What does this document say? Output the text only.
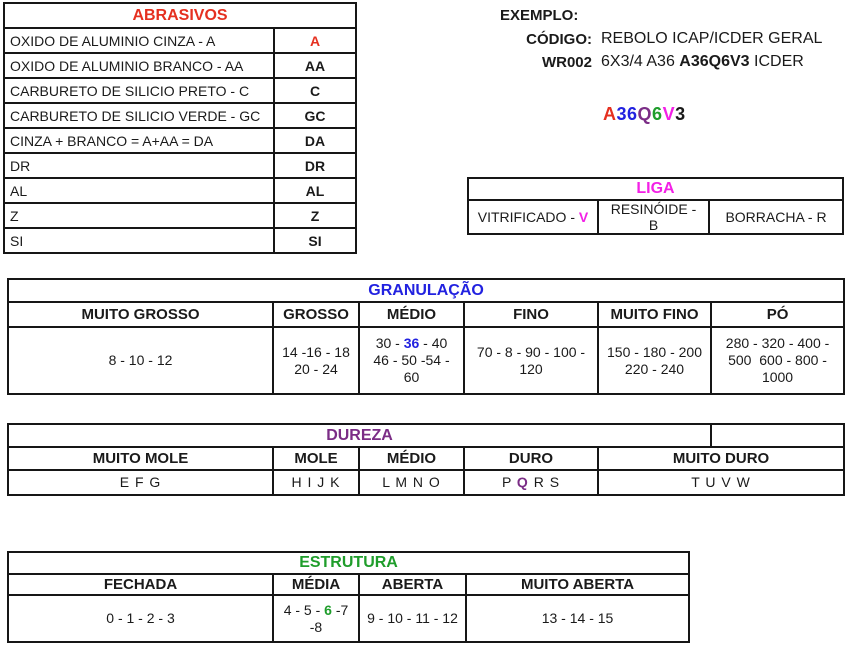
ABRASIVOS	
OXIDO DE ALUMINIO CINZA - A	A
OXIDO DE ALUMINIO BRANCO - AA	AA
CARBURETO DE SILICIO PRETO - C	C
CARBURETO DE SILICIO VERDE - GC	GC
CINZA + BRANCO = A+AA = DA	DA
DR	DR
AL	AL
Z	Z
SI	SI
EXEMPLO:
CÓDIGO: REBOLO ICAP/ICDER GERAL
WR002 6X3/4 A36 A36Q6V3 ICDER
A36Q6V3
LIGA
VITRIFICADO - V	RESINÓIDE - B	BORRACHA - R
GRANULAÇÃO					
MUITO GROSSO	GROSSO	MÉDIO	FINO	MUITO FINO	PÓ
8 - 10 - 12	14 -16 - 18 20 - 24	30 - 36 - 40 46 - 50 -54 - 60	70 - 8 - 90 - 100 - 120	150 - 180 - 200 220 - 240	280 - 320 - 400 - 500  600 - 800 - 1000
DUREZA					
MUITO MOLE	MOLE	MÉDIO	DURO	MUITO DURO	
E F G	H I J K	L M N O	P Q R S	T U V W	
ESTRUTURA			
FECHADA	MÉDIA	ABERTA	MUITO ABERTA
0 - 1 - 2 - 3	4 - 5 - 6 -7 -8	9 - 10 - 11 - 12	13 - 14 - 15
